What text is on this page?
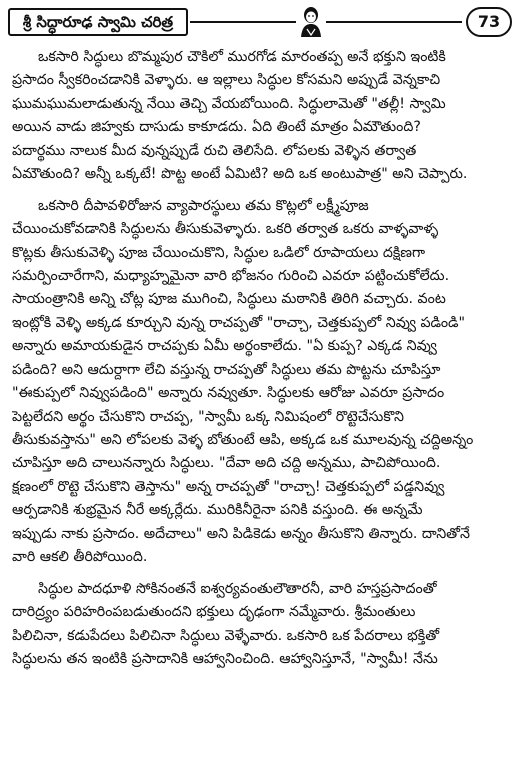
శ్రీ సిద్ధారూఢ స్వామి చరిత్ర	73
ఒకసారి సిద్ధులు బొమ్మపుర చౌకిలో మురగోడ మారంతప్ప అనే భక్తుని ఇంటికి
ప్రసాదం స్వీకరించడానికి వెళ్ళారు. ఆ ఇల్లాలు సిద్ధుల కోసమని అప్పుడే వెన్నకాచి
ఘుమఘుమలాడుతున్న నేయి తెచ్చి వేయబోయింది. సిద్ధులామెతో "తల్లీ! స్వామి
అయిన వాడు జిహ్వకు దాసుడు కాకూడదు. ఏది తింటే మాత్రం ఏమౌతుంది?
పదార్థము నాలుక మీద వున్నప్పుడే రుచి తెలిసేది. లోపలకు వెళ్ళిన తర్వాత
ఏమౌతుంది? అన్నీ ఒక్కటే! పొట్ట అంటే ఏమిటి? అది ఒక అంటుపాత్ర" అని చెప్పారు.
ఒకసారి దీపావళిరోజున వ్యాపారస్థులు తమ కొట్లలో లక్ష్మీపూజ
చేయించుకోవడానికి సిద్ధులను తీసుకువెళ్ళారు. ఒకరి తర్వాత ఒకరు వాళ్ళవాళ్ళ
కొట్లకు తీసుకువెళ్ళి పూజ చేయించుకొని, సిద్ధుల ఒడిలో రూపాయలు దక్షిణగా
సమర్పించారేగాని, మధ్యాహ్నమైనా వారి భోజనం గురించి ఎవరూ పట్టించుకోలేదు.
సాయంత్రానికి అన్ని చోట్ల పూజ ముగించి, సిద్ధులు మఠానికి తిరిగి వచ్చారు. వంట
ఇంట్లోకి వెళ్ళి అక్కడ కూర్చుని వున్న రాచప్పతో "రాచ్చా, చెత్తకుప్పలో నివ్వు పడిండి"
అన్నారు అమాయకుడైన రాచప్పకు ఏమీ అర్థంకాలేదు. "ఏ కుప్ప? ఎక్కడ నివ్వు
పడింది? అని ఆదుర్దాగా లేచి వస్తున్న రాచప్పతో సిద్ధులు తమ పొట్టను చూపిస్తూ
"ఈకుప్పలో నివ్వుపడింది" అన్నారు నవ్వుతూ. సిద్ధులకు ఆరోజు ఎవరూ ప్రసాదం
పెట్టలేదని అర్థం చేసుకొని రాచప్ప, "స్వామీ ఒక్క నిమిషంలో రొట్టెచేసుకొని
తీసుకువస్తాను" అని లోపలకు వెళ్ళ బోతుంటే ఆపి, అక్కడ ఒక మూలవున్న చద్దిఅన్నం
చూపిస్తూ అది చాలునన్నారు సిద్ధులు. "దేవా అది చద్ది అన్నము, పాచిపోయింది.
క్షణంలో రొట్టె చేసుకొని తెస్తాను" అన్న రాచప్పతో "రాచ్చా! చెత్తకుప్పలో పడ్డనివ్వు
ఆర్పడానికి శుభ్రమైన నీరే అక్కర్లేదు. మురికినీరైనా పనికి వస్తుంది. ఈ అన్నమే
ఇప్పుడు నాకు ప్రసాదం. అదేచాలు" అని పిడికెడు అన్నం తీసుకొని తిన్నారు. దానితోనే
వారి ఆకలి తీరిపోయింది.
సిద్ధుల పాదధూళి సోకినంతనే ఐశ్వర్యవంతులౌతారనీ, వారి హస్తప్రసాదంతో
దారిద్ర్యం పరిహరింపబడుతుందని భక్తులు దృఢంగా నమ్మేవారు. శ్రీమంతులు
పిలిచినా, కడుపేదలు పిలిచినా సిద్ధులు వెళ్ళేవారు. ఒకసారి ఒక పేదరాలు భక్తితో
సిద్ధులను తన ఇంటికి ప్రసాదానికి ఆహ్వానించింది. ఆహ్వానిస్తూనే, "స్వామీ! నేను
